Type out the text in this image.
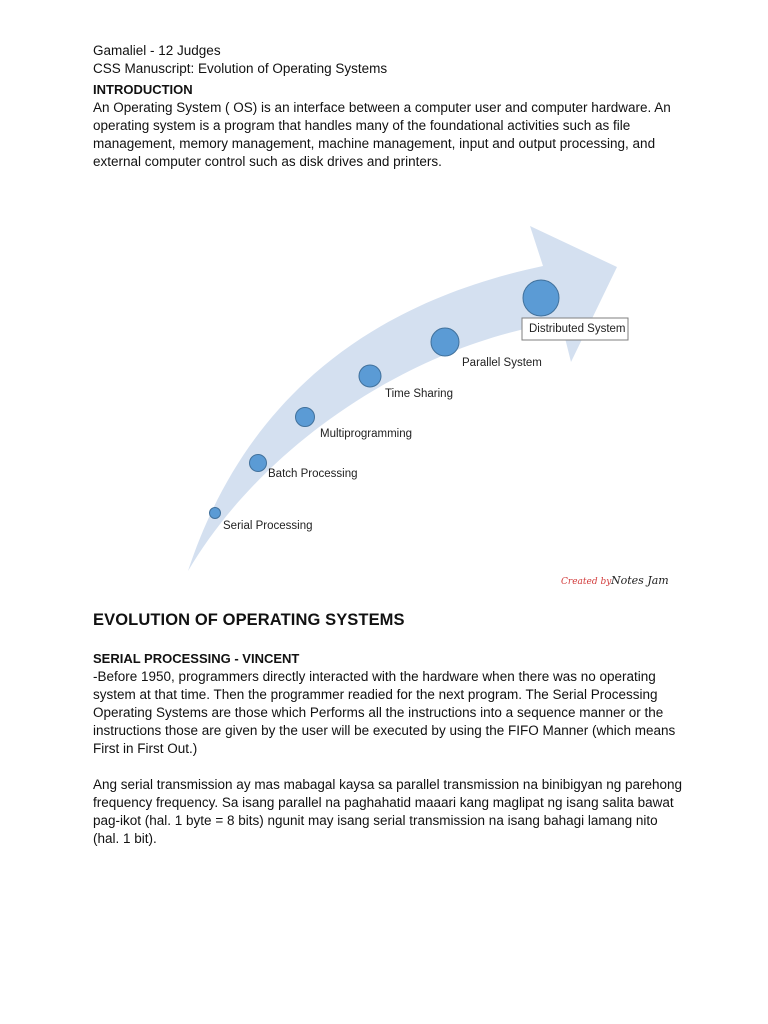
Gamaliel - 12 Judges

CSS Manuscript: Evolution of Operating Systems

INTRODUCTION

An Operating System ( OS) is an interface between a computer user and computer hardware. An operating system is a program that handles many of the foundational activities such as file management, memory management, machine management, input and output processing, and external computer control such as disk drives and printers.

Created by Notes Jam
Serial Processing
Batch Processing
Multiprogramming
Time Sharing
Parallel System
Distributed System
EVOLUTION OF OPERATING SYSTEMS

SERIAL PROCESSING - VINCENT

-Before 1950, programmers directly interacted with the hardware when there was no operating system at that time. Then the programmer readied for the next program. The Serial Processing Operating Systems are those which Performs all the instructions into a sequence manner or the instructions those are given by the user will be executed by using the FIFO Manner (which means First in First Out.)

Ang serial transmission ay mas mabagal kaysa sa parallel transmission na binibigyan ng parehong frequency frequency. Sa isang parallel na paghahatid maaari kang maglipat ng isang salita bawat pag-ikot (hal. 1 byte = 8 bits) ngunit may isang serial transmission na isang bahagi lamang nito (hal. 1 bit).
